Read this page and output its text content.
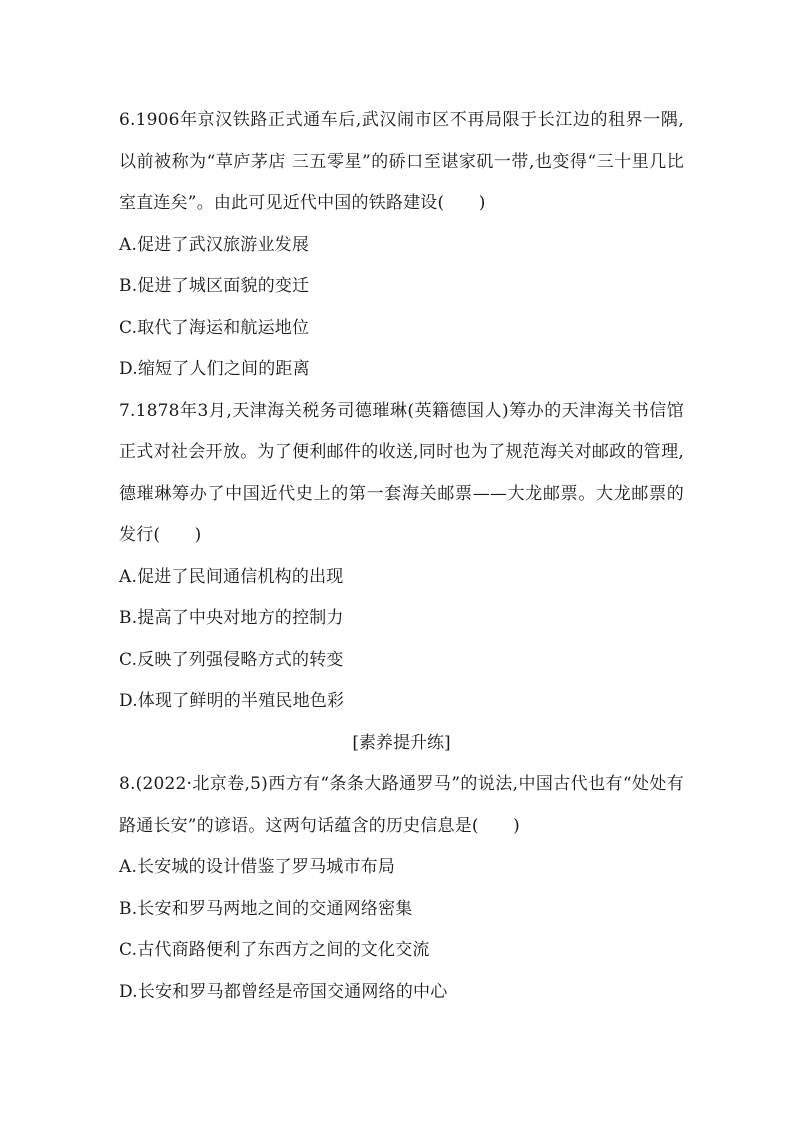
6.1906年京汉铁路正式通车后,武汉闹市区不再局限于长江边的租界一隅,以前被称为“草庐茅店 三五零星”的硚口至谌家矶一带,也变得“三十里几比室直连矣”。由此可见近代中国的铁路建设(　　)
A.促进了武汉旅游业发展
B.促进了城区面貌的变迁
C.取代了海运和航运地位
D.缩短了人们之间的距离
7.1878年3月,天津海关税务司德璀琳(英籍德国人)筹办的天津海关书信馆正式对社会开放。为了便利邮件的收送,同时也为了规范海关对邮政的管理,德璀琳筹办了中国近代史上的第一套海关邮票——大龙邮票。大龙邮票的发行(　　)
A.促进了民间通信机构的出现
B.提高了中央对地方的控制力
C.反映了列强侵略方式的转变
D.体现了鲜明的半殖民地色彩
[素养提升练]
8.(2022·北京卷,5)西方有“条条大路通罗马”的说法,中国古代也有“处处有路通长安”的谚语。这两句话蕴含的历史信息是(　　)
A.长安城的设计借鉴了罗马城市布局
B.长安和罗马两地之间的交通网络密集
C.古代商路便利了东西方之间的文化交流
D.长安和罗马都曾经是帝国交通网络的中心
